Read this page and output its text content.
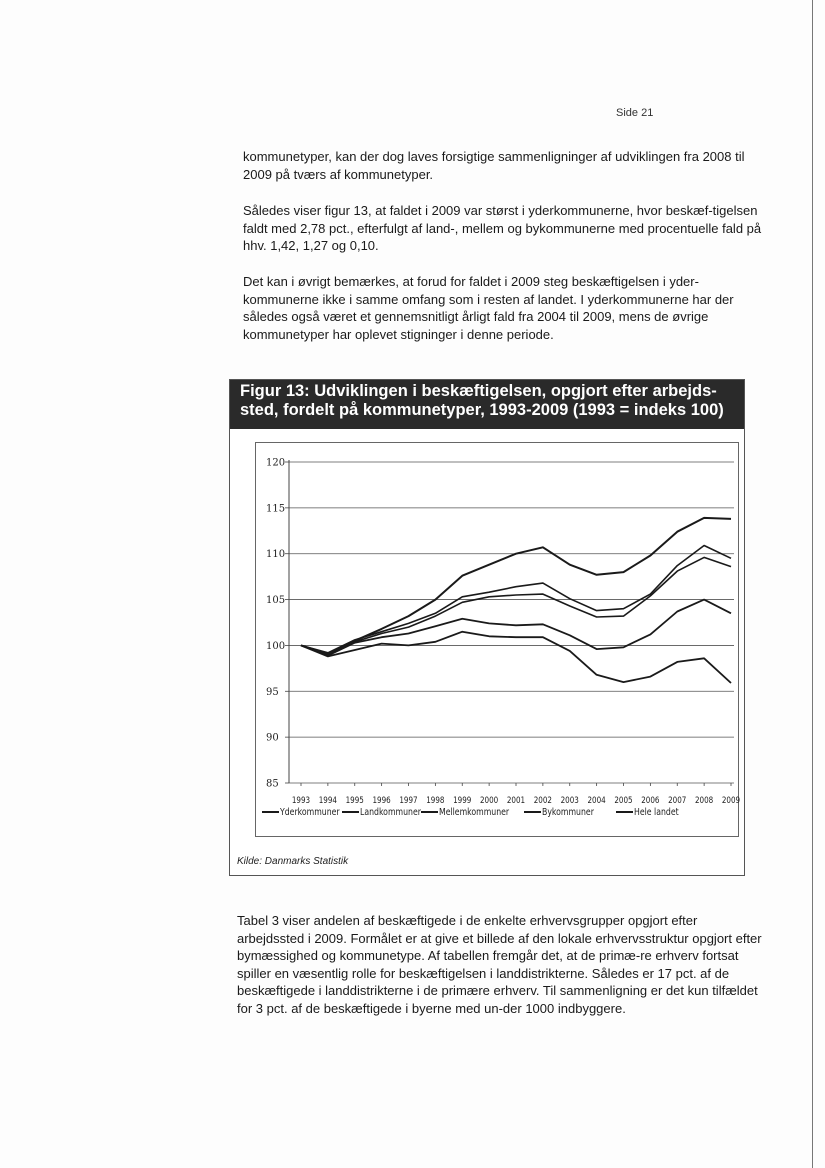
Side 21

kommunetyper, kan der dog laves forsigtige sammenligninger af udviklingen fra 2008 til 2009 på tværs af kommunetyper.

Således viser figur 13, at faldet i 2009 var størst i yderkommunerne, hvor beskæf-tigelsen faldt med 2,78 pct., efterfulgt af land-, mellem og bykommunerne med procentuelle fald på hhv. 1,42, 1,27 og 0,10.

Det kan i øvrigt bemærkes, at forud for faldet i 2009 steg beskæftigelsen i yder-kommunerne ikke i samme omfang som i resten af landet. I yderkommunerne har der således også været et gennemsnitligt årligt fald fra 2004 til 2009, mens de øvrige kommunetyper har oplevet stigninger i denne periode.

Figur 13: Udviklingen i beskæftigelsen, opgjort efter arbejds-
sted, fordelt på kommunetyper, 1993-2009 (1993 = indeks 100)
85
90
95
100
105
110
115
120
1993 1994 1995 1996 1997 1998 1999 2000 2001 2002 2003 2004 2005 2006 2007 2008 2009
Yderkommuner Landkommuner Mellemkommuner	Bykommuner	Hele landet
Kilde: Danmarks Statistik

Tabel 3 viser andelen af beskæftigede i de enkelte erhvervsgrupper opgjort efter arbejdssted i 2009. Formålet er at give et billede af den lokale erhvervsstruktur opgjort efter bymæssighed og kommunetype. Af tabellen fremgår det, at de primæ-re erhverv fortsat spiller en væsentlig rolle for beskæftigelsen i landdistrikterne. Således er 17 pct. af de beskæftigede i landdistrikterne i de primære erhverv. Til sammenligning er det kun tilfældet for 3 pct. af de beskæftigede i byerne med un-der 1000 indbyggere.
